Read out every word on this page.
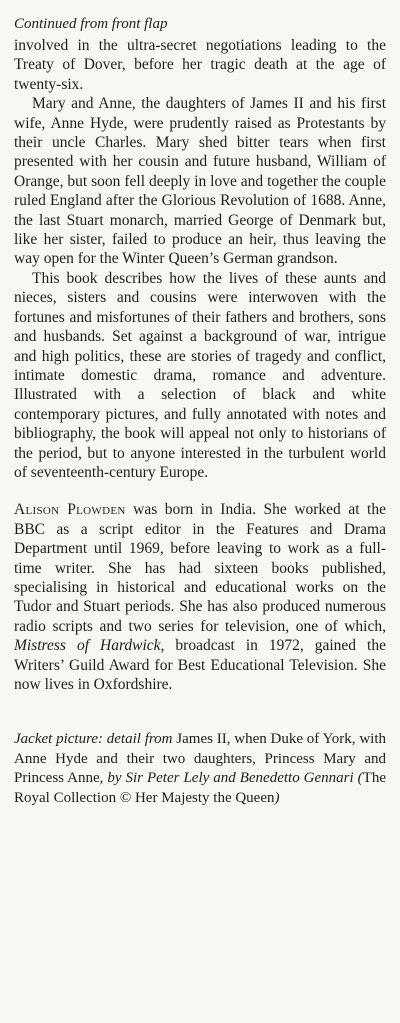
Continued from front flap

involved in the ultra-secret negotiations leading to the Treaty of Dover, before her tragic death at the age of twenty-six.

Mary and Anne, the daughters of James II and his first wife, Anne Hyde, were prudently raised as Protestants by their uncle Charles. Mary shed bitter tears when first presented with her cousin and future husband, William of Orange, but soon fell deeply in love and together the couple ruled England after the Glorious Revolution of 1688. Anne, the last Stuart monarch, married George of Denmark but, like her sister, failed to produce an heir, thus leaving the way open for the Winter Queen’s German grandson.

This book describes how the lives of these aunts and nieces, sisters and cousins were interwoven with the fortunes and misfortunes of their fathers and brothers, sons and husbands. Set against a background of war, intrigue and high politics, these are stories of tragedy and conflict, intimate domestic drama, romance and adventure. Illustrated with a selection of black and white contemporary pictures, and fully annotated with notes and bibliography, the book will appeal not only to historians of the period, but to anyone interested in the turbulent world of seventeenth-century Europe.

Alison Plowden was born in India. She worked at the BBC as a script editor in the Features and Drama Department until 1969, before leaving to work as a full-time writer. She has had sixteen books published, specialising in historical and educational works on the Tudor and Stuart periods. She has also produced numerous radio scripts and two series for television, one of which, Mistress of Hardwick, broadcast in 1972, gained the Writers’ Guild Award for Best Educational Television. She now lives in Oxfordshire.
Jacket picture: detail from James II, when Duke of York, with Anne Hyde and their two daughters, Princess Mary and Princess Anne, by Sir Peter Lely and Benedetto Gennari (The Royal Collection © Her Majesty the Queen)
